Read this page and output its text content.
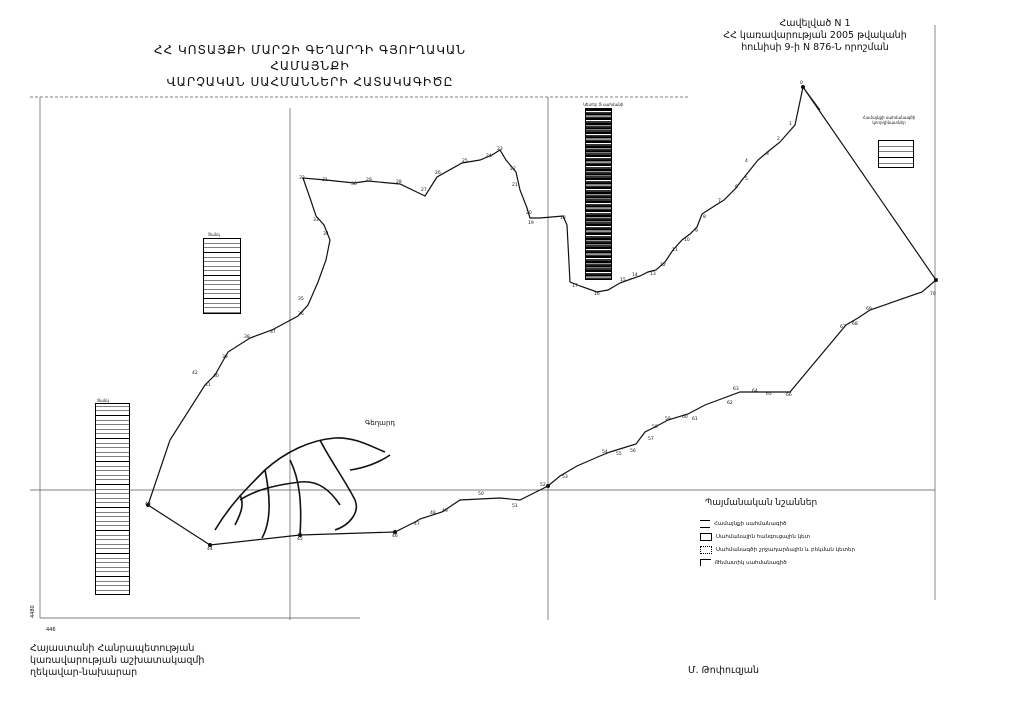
ՀՀ ԿՈՏԱՅՔԻ ՄԱՐԶԻ ԳԵՂԱՐԴԻ ԳՅՈՒՂԱԿԱՆ ՀԱՄԱՅՆՔԻ
ՎԱՐՉԱԿԱՆ ՍԱՀՄԱՆՆԵՐԻ ՀԱՏԱԿԱԳԻԾԸ
Հավելված N 1
ՀՀ կառավարության 2005 թվականի
հունիսի 9-ի N 876-Ն որոշման
0
1
2
3
4
5
6
7
8
9
10
11
12
13
14
15
16
17
18
19
20
21
22
23
24
25
26
27
28
29
30
31
32
33
34
35
36
37
38
39
40
41
42
43
44
45
46
47
48 49
50
51
52
53
54 55
56
57
58
59	60 61
62
63	64
65	66
67
68
69
70
Գեղարդ
4480
446
Ցանկ
Ցանկ
Կետեր Ց սահմանի
Համայնքի սահմանագծի կոորդինատներ
Պայմանական նշաններ
Համայնքի սահմանագիծ
Սահմանային հանգուցային կետ
Սահմանագծի շրջադարձային և բեկման կետեր
Թեմատիկ սահմանագիծ
Հայաստանի Հանրապետության
կառավարության աշխատակազմի
ղեկավար-նախարար	Մ. Թոփուզյան
